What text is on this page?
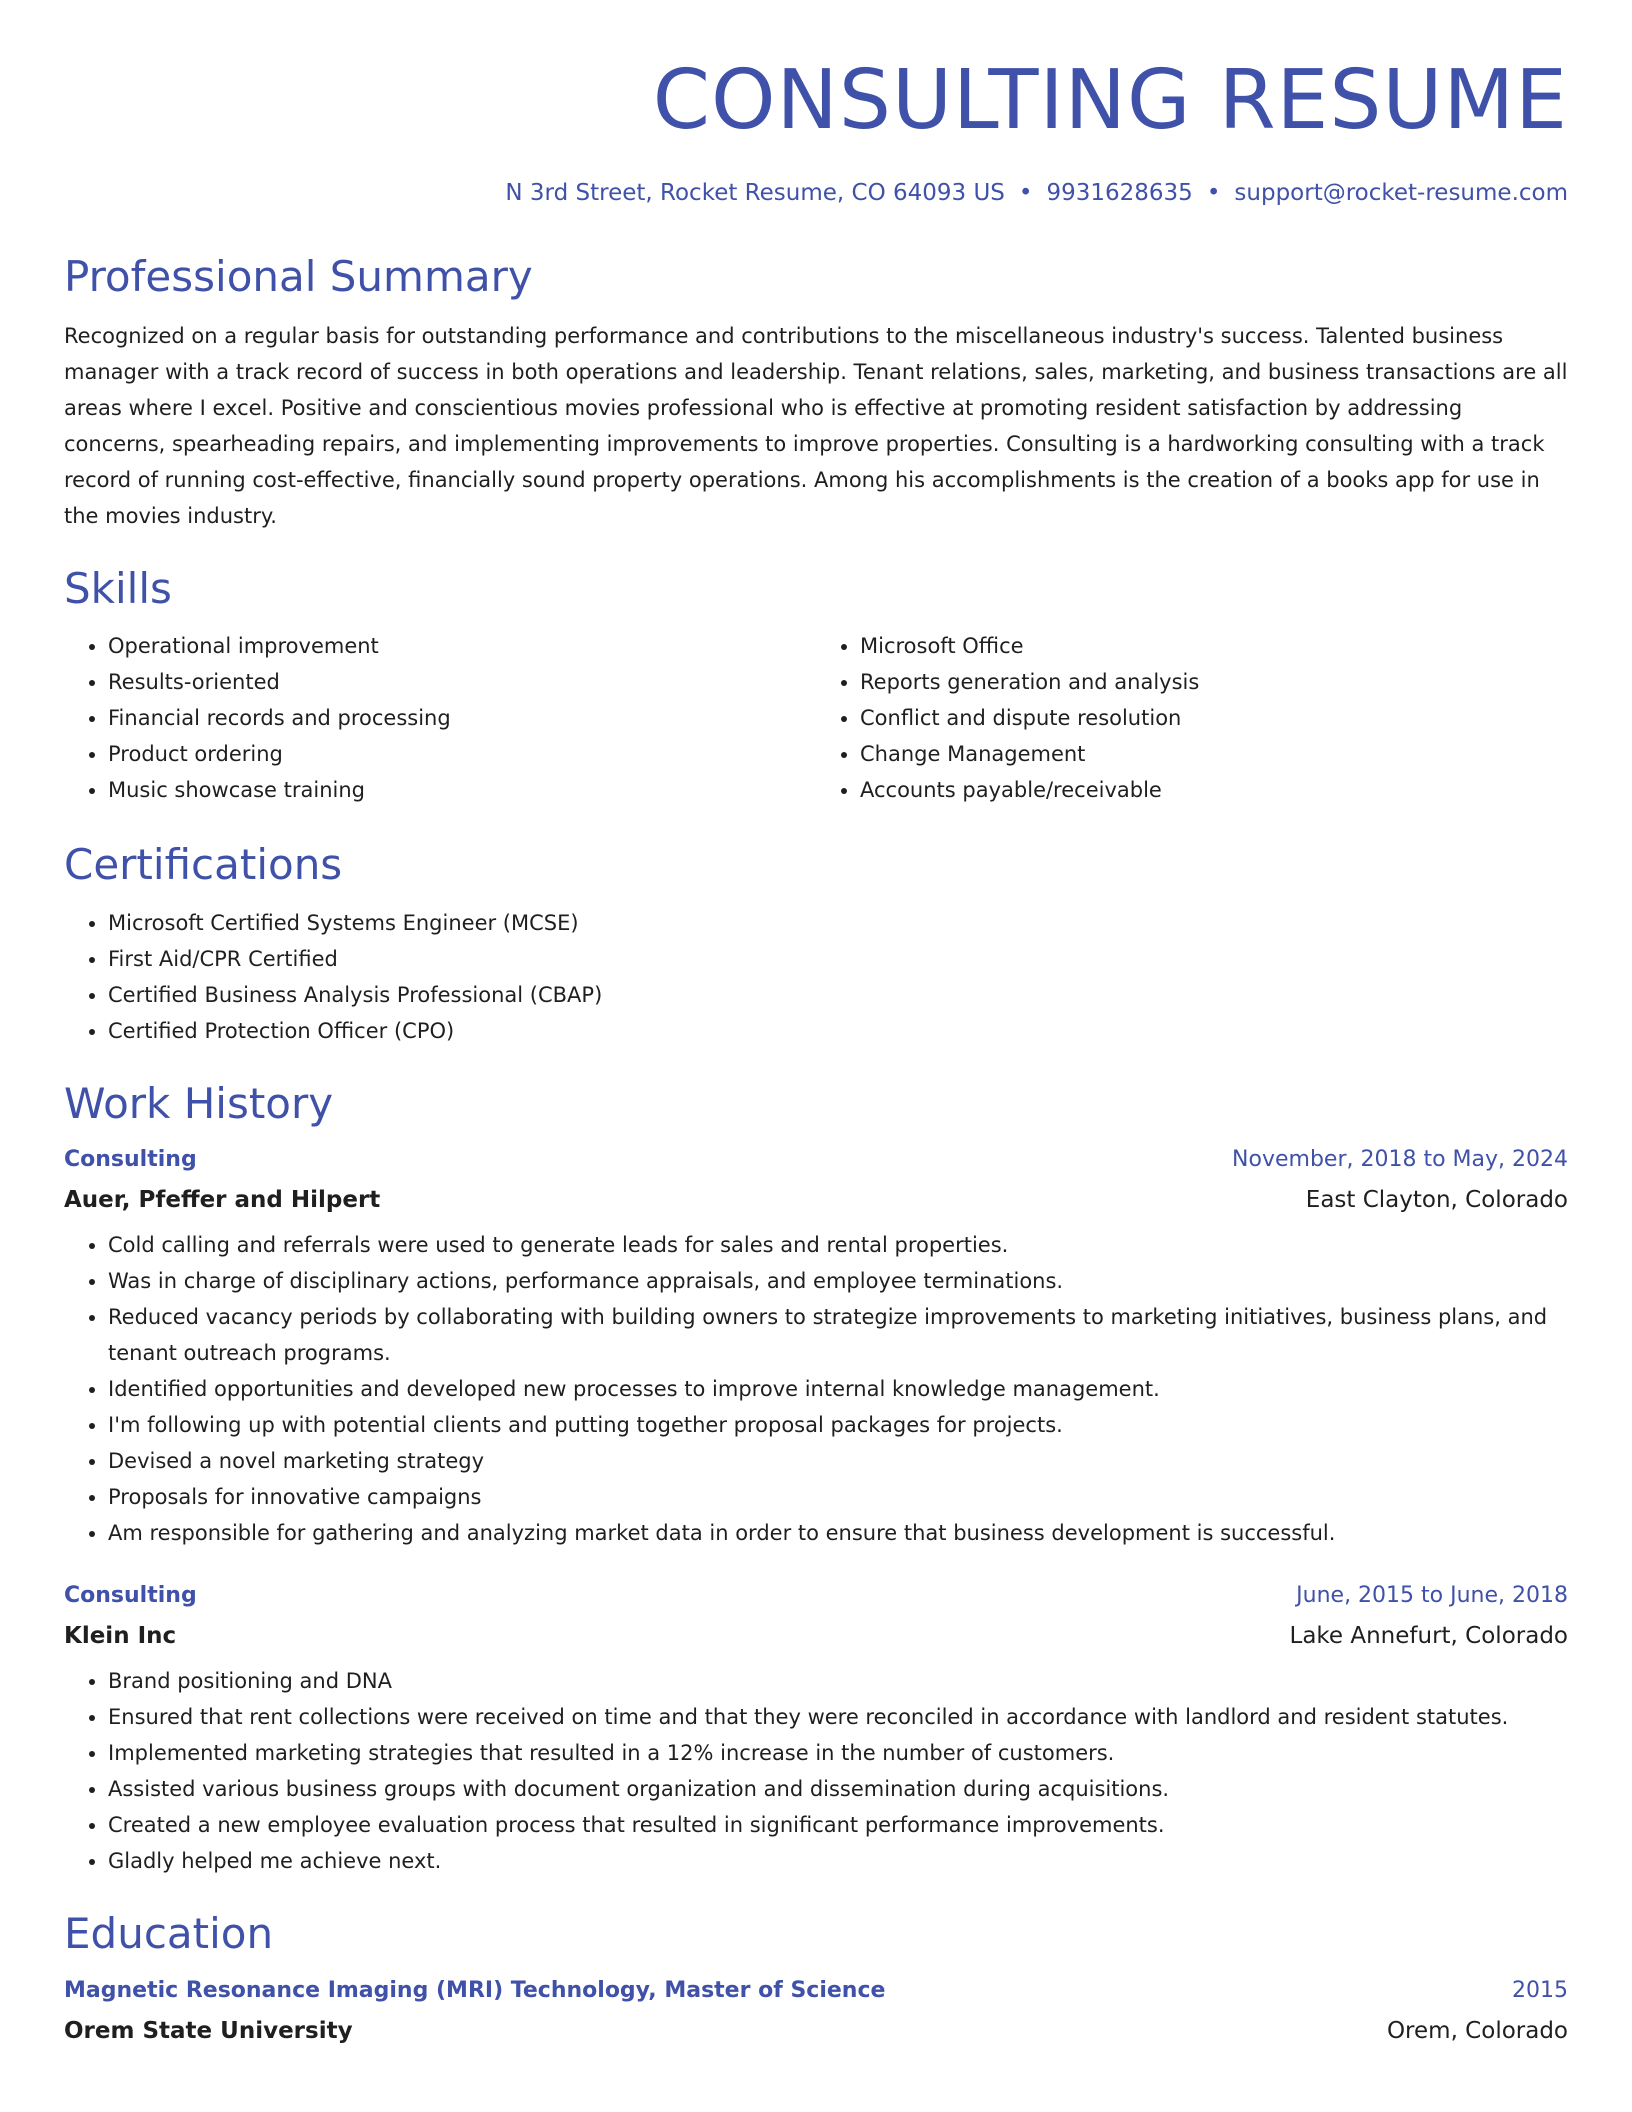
CONSULTING RESUME
N 3rd Street, Rocket Resume, CO 64093 US • 9931628635 • support@rocket-resume.com
Professional Summary

Recognized on a regular basis for outstanding performance and contributions to the miscellaneous industry's success. Talented business manager with a track record of success in both operations and leadership. Tenant relations, sales, marketing, and business transactions are all areas where I excel. Positive and conscientious movies professional who is effective at promoting resident satisfaction by addressing concerns, spearheading repairs, and implementing improvements to improve properties. Consulting is a hardworking consulting with a track record of running cost-effective, financially sound property operations. Among his accomplishments is the creation of a books app for use in the movies industry.

Skills
• Operational improvement
• Results-oriented
• Financial records and processing
• Product ordering
• Music showcase training
• Microsoft Office
• Reports generation and analysis
• Conflict and dispute resolution
• Change Management
• Accounts payable/receivable
Certifications
• Microsoft Certified Systems Engineer (MCSE)
• First Aid/CPR Certified
• Certified Business Analysis Professional (CBAP)
• Certified Protection Officer (CPO)
Work History
Consulting	November, 2018 to May, 2024
Auer, Pfeffer and Hilpert	East Clayton, Colorado
• Cold calling and referrals were used to generate leads for sales and rental properties.
• Was in charge of disciplinary actions, performance appraisals, and employee terminations.
• Reduced vacancy periods by collaborating with building owners to strategize improvements to marketing initiatives, business plans, and tenant outreach programs.
• Identified opportunities and developed new processes to improve internal knowledge management.
• I'm following up with potential clients and putting together proposal packages for projects.
• Devised a novel marketing strategy
• Proposals for innovative campaigns
• Am responsible for gathering and analyzing market data in order to ensure that business development is successful.
Consulting	June, 2015 to June, 2018
Klein Inc	Lake Annefurt, Colorado
• Brand positioning and DNA
• Ensured that rent collections were received on time and that they were reconciled in accordance with landlord and resident statutes.
• Implemented marketing strategies that resulted in a 12% increase in the number of customers.
• Assisted various business groups with document organization and dissemination during acquisitions.
• Created a new employee evaluation process that resulted in significant performance improvements.
• Gladly helped me achieve next.
Education
Magnetic Resonance Imaging (MRI) Technology, Master of Science	2015
Orem State University	Orem, Colorado
